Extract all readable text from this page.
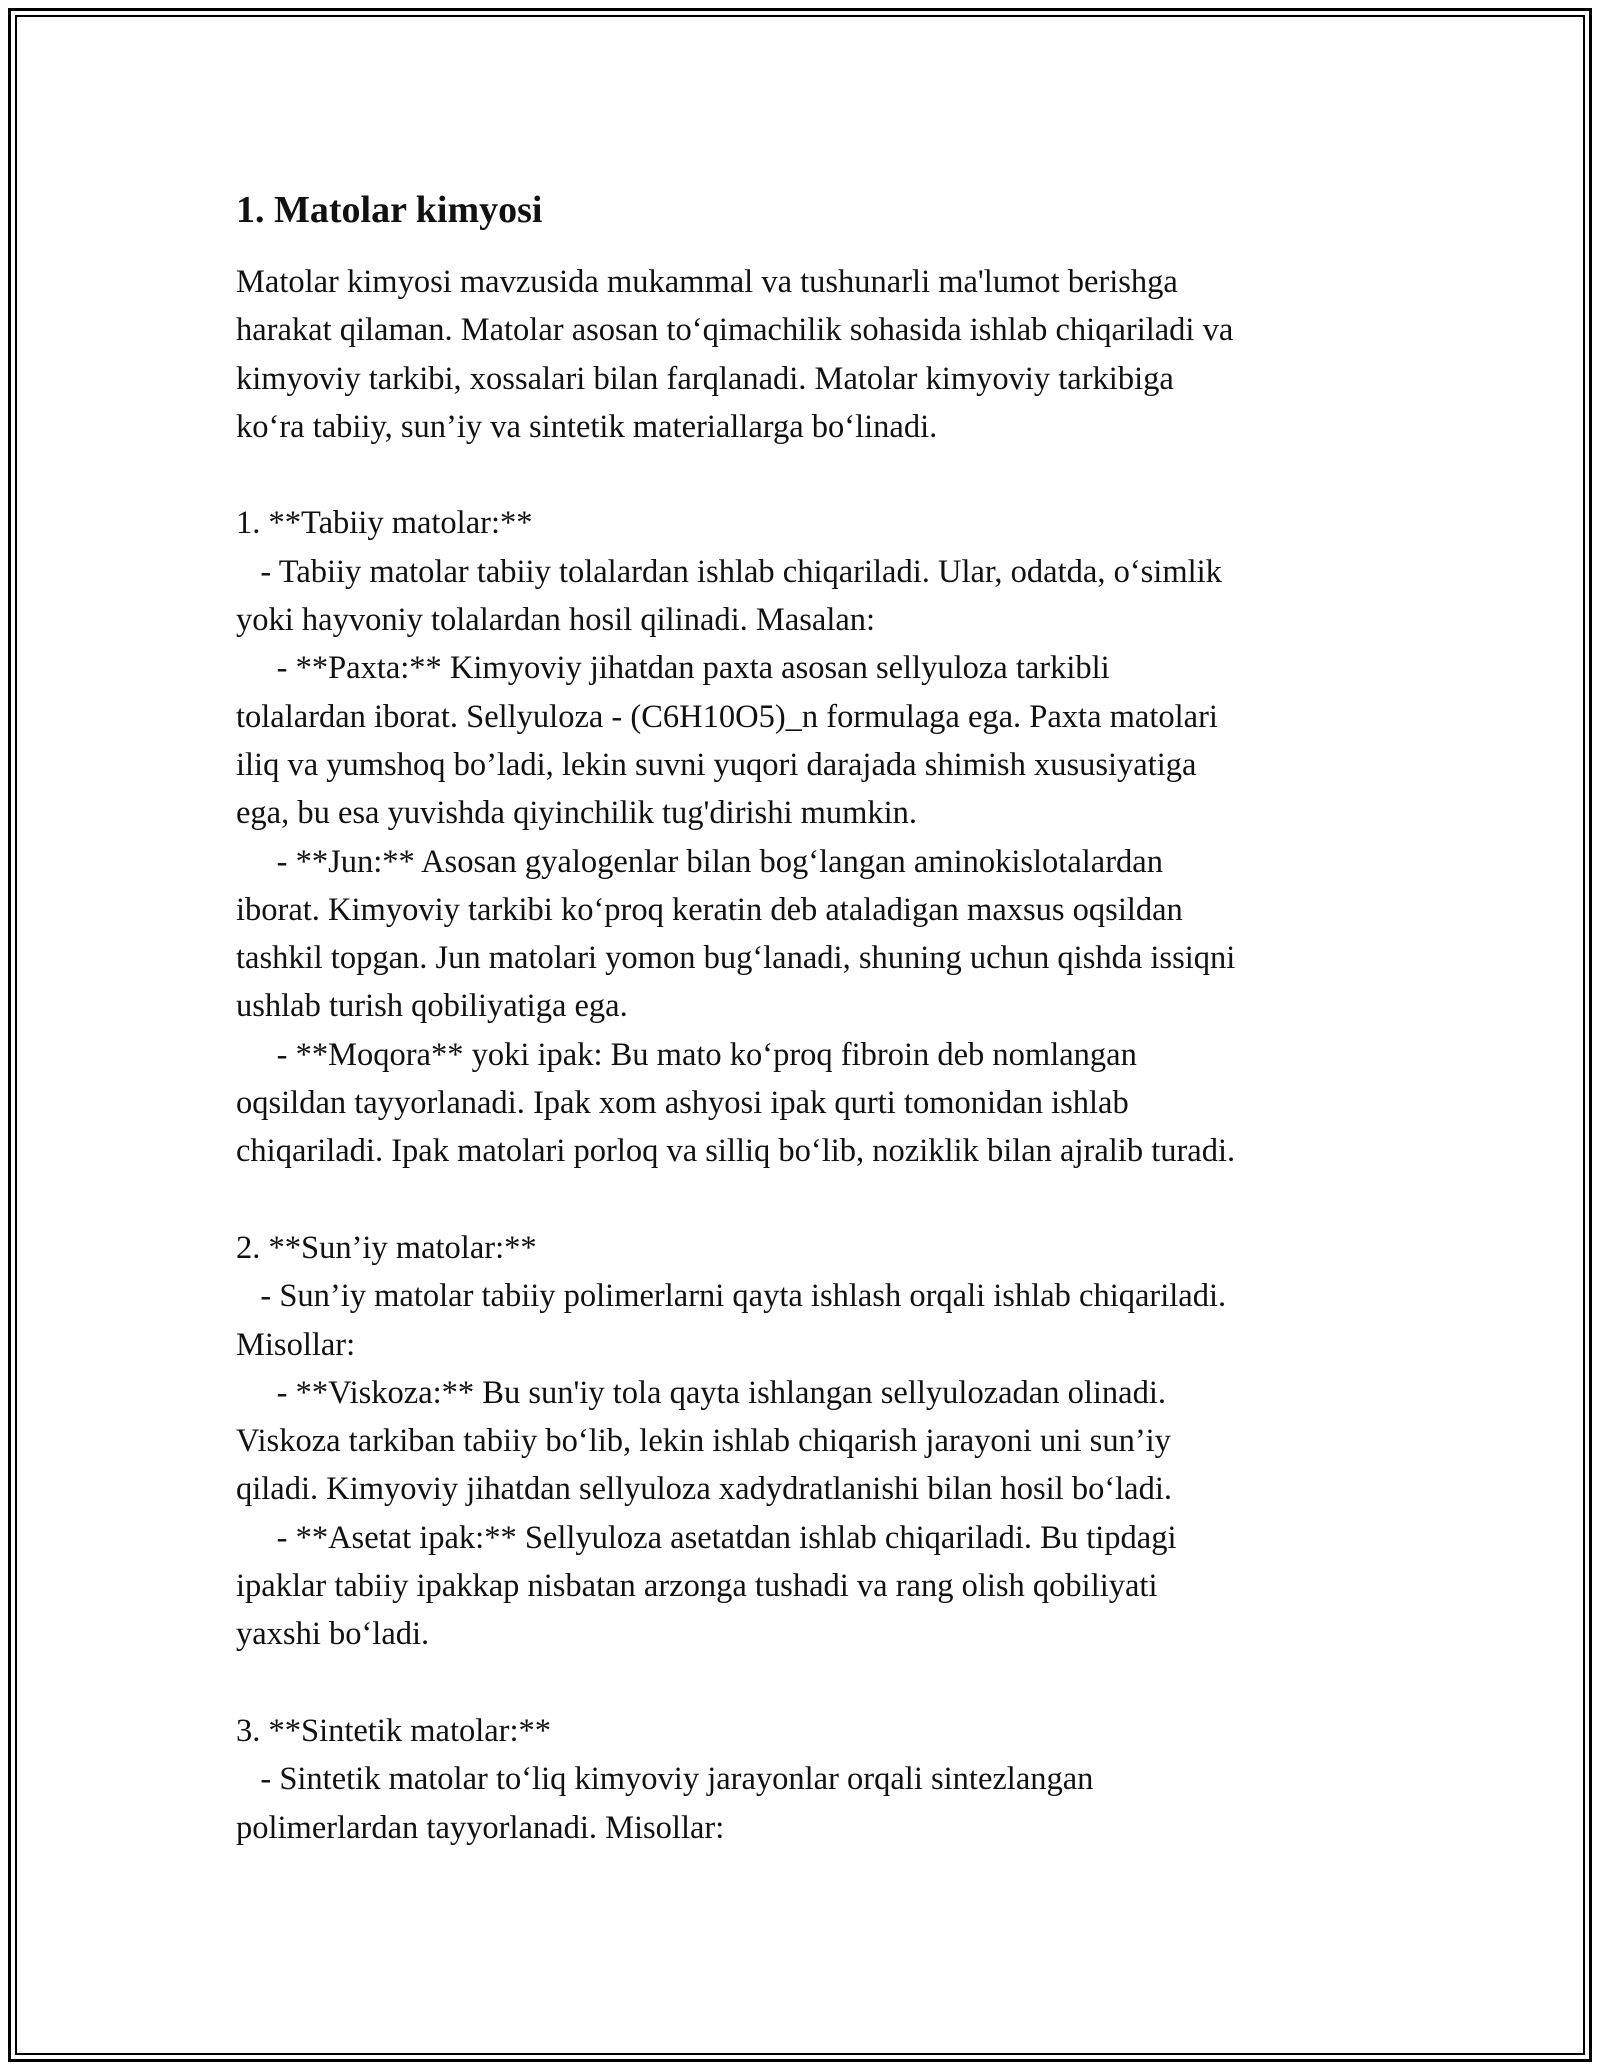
1. Matolar kimyosi

Matolar kimyosi mavzusida mukammal va tushunarli ma'lumot berishga

harakat qilaman. Matolar asosan to‘qimachilik sohasida ishlab chiqariladi va

kimyoviy tarkibi, xossalari bilan farqlanadi. Matolar kimyoviy tarkibiga

ko‘ra tabiiy, sun’iy va sintetik materiallarga bo‘linadi.

1. **Tabiiy matolar:**

- Tabiiy matolar tabiiy tolalardan ishlab chiqariladi. Ular, odatda, o‘simlik

yoki hayvoniy tolalardan hosil qilinadi. Masalan:

- **Paxta:** Kimyoviy jihatdan paxta asosan sellyuloza tarkibli

tolalardan iborat. Sellyuloza - (C6H10O5)_n formulaga ega. Paxta matolari

iliq va yumshoq bo’ladi, lekin suvni yuqori darajada shimish xususiyatiga

ega, bu esa yuvishda qiyinchilik tug'dirishi mumkin.

- **Jun:** Asosan gyalogenlar bilan bog‘langan aminokislotalardan

iborat. Kimyoviy tarkibi ko‘proq keratin deb ataladigan maxsus oqsildan

tashkil topgan. Jun matolari yomon bug‘lanadi, shuning uchun qishda issiqni

ushlab turish qobiliyatiga ega.

- **Moqora** yoki ipak: Bu mato ko‘proq fibroin deb nomlangan

oqsildan tayyorlanadi. Ipak xom ashyosi ipak qurti tomonidan ishlab

chiqariladi. Ipak matolari porloq va silliq bo‘lib, noziklik bilan ajralib turadi.

2. **Sun’iy matolar:**

- Sun’iy matolar tabiiy polimerlarni qayta ishlash orqali ishlab chiqariladi.

Misollar:

- **Viskoza:** Bu sun'iy tola qayta ishlangan sellyulozadan olinadi.

Viskoza tarkiban tabiiy bo‘lib, lekin ishlab chiqarish jarayoni uni sun’iy

qiladi. Kimyoviy jihatdan sellyuloza xadydratlanishi bilan hosil bo‘ladi.

- **Asetat ipak:** Sellyuloza asetatdan ishlab chiqariladi. Bu tipdagi

ipaklar tabiiy ipakkap nisbatan arzonga tushadi va rang olish qobiliyati

yaxshi bo‘ladi.

3. **Sintetik matolar:**

- Sintetik matolar to‘liq kimyoviy jarayonlar orqali sintezlangan

polimerlardan tayyorlanadi. Misollar:
